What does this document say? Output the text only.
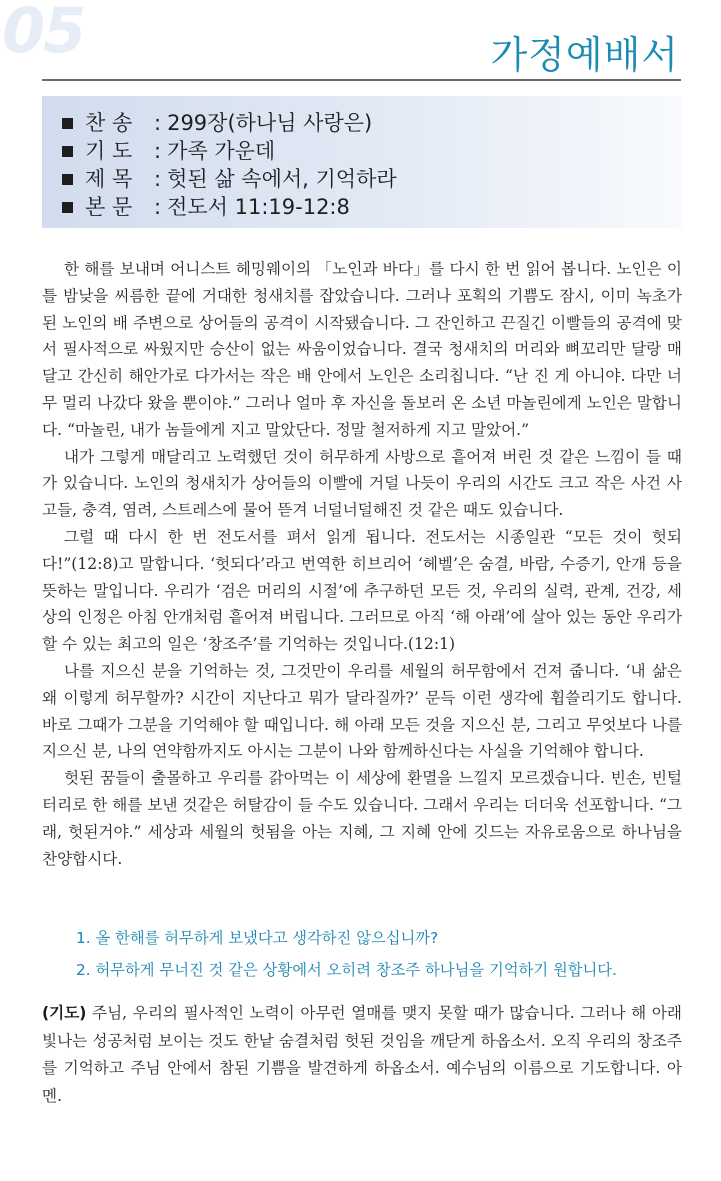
05	가정예배서
찬 송 : 299장(하나님 사랑은)
기 도 : 가족 가운데
제 목 : 헛된 삶 속에서, 기억하라
본 문 : 전도서 11:19-12:8

한 해를 보내며 어니스트 헤밍웨이의 「노인과 바다」를 다시 한 번 읽어 봅니다. 노인은 이틀 밤낮을 씨름한 끝에 거대한 청새치를 잡았습니다. 그러나 포획의 기쁨도 잠시, 이미 녹초가 된 노인의 배 주변으로 상어들의 공격이 시작됐습니다. 그 잔인하고 끈질긴 이빨들의 공격에 맞서 필사적으로 싸웠지만 승산이 없는 싸움이었습니다. 결국 청새치의 머리와 뼈꼬리만 달랑 매달고 간신히 해안가로 다가서는 작은 배 안에서 노인은 소리칩니다. “난 진 게 아니야. 다만 너무 멀리 나갔다 왔을 뿐이야.” 그러나 얼마 후 자신을 돌보러 온 소년 마놀린에게 노인은 말합니다. “마놀린, 내가 놈들에게 지고 말았단다. 정말 철저하게 지고 말았어.”

내가 그렇게 매달리고 노력했던 것이 허무하게 사방으로 흩어져 버린 것 같은 느낌이 들 때가 있습니다. 노인의 청새치가 상어들의 이빨에 거덜 나듯이 우리의 시간도 크고 작은 사건 사고들, 충격, 염려, 스트레스에 물어 뜯겨 너덜너덜해진 것 같은 때도 있습니다.

그럴 때 다시 한 번 전도서를 펴서 읽게 됩니다. 전도서는 시종일관 “모든 것이 헛되다!”(12:8)고 말합니다. ‘헛되다’라고 번역한 히브리어 ‘헤벨’은 숨결, 바람, 수증기, 안개 등을 뜻하는 말입니다. 우리가 ‘검은 머리의 시절’에 추구하던 모든 것, 우리의 실력, 관계, 건강, 세상의 인정은 아침 안개처럼 흩어져 버립니다. 그러므로 아직 ‘해 아래’에 살아 있는 동안 우리가 할 수 있는 최고의 일은 ‘창조주’를 기억하는 것입니다.(12:1)

나를 지으신 분을 기억하는 것, 그것만이 우리를 세월의 허무함에서 건져 줍니다. ‘내 삶은 왜 이렇게 허무할까? 시간이 지난다고 뭐가 달라질까?’ 문득 이런 생각에 휩쓸리기도 합니다. 바로 그때가 그분을 기억해야 할 때입니다. 해 아래 모든 것을 지으신 분, 그리고 무엇보다 나를 지으신 분, 나의 연약함까지도 아시는 그분이 나와 함께하신다는 사실을 기억해야 합니다.

헛된 꿈들이 출몰하고 우리를 갉아먹는 이 세상에 환멸을 느낄지 모르겠습니다. 빈손, 빈털터리로 한 해를 보낸 것같은 허탈감이 들 수도 있습니다. 그래서 우리는 더더욱 선포합니다. “그래, 헛된거야.” 세상과 세월의 헛됨을 아는 지혜, 그 지혜 안에 깃드는 자유로움으로 하나님을 찬양합시다.

1. 올 한해를 허무하게 보냈다고 생각하진 않으십니까?
2. 허무하게 무너진 것 같은 상황에서 오히려 창조주 하나님을 기억하기 원합니다.
(기도) 주님, 우리의 필사적인 노력이 아무런 열매를 맺지 못할 때가 많습니다. 그러나 해 아래 빛나는 성공처럼 보이는 것도 한낱 숨결처럼 헛된 것임을 깨닫게 하옵소서. 오직 우리의 창조주를 기억하고 주님 안에서 참된 기쁨을 발견하게 하옵소서. 예수님의 이름으로 기도합니다. 아멘.
